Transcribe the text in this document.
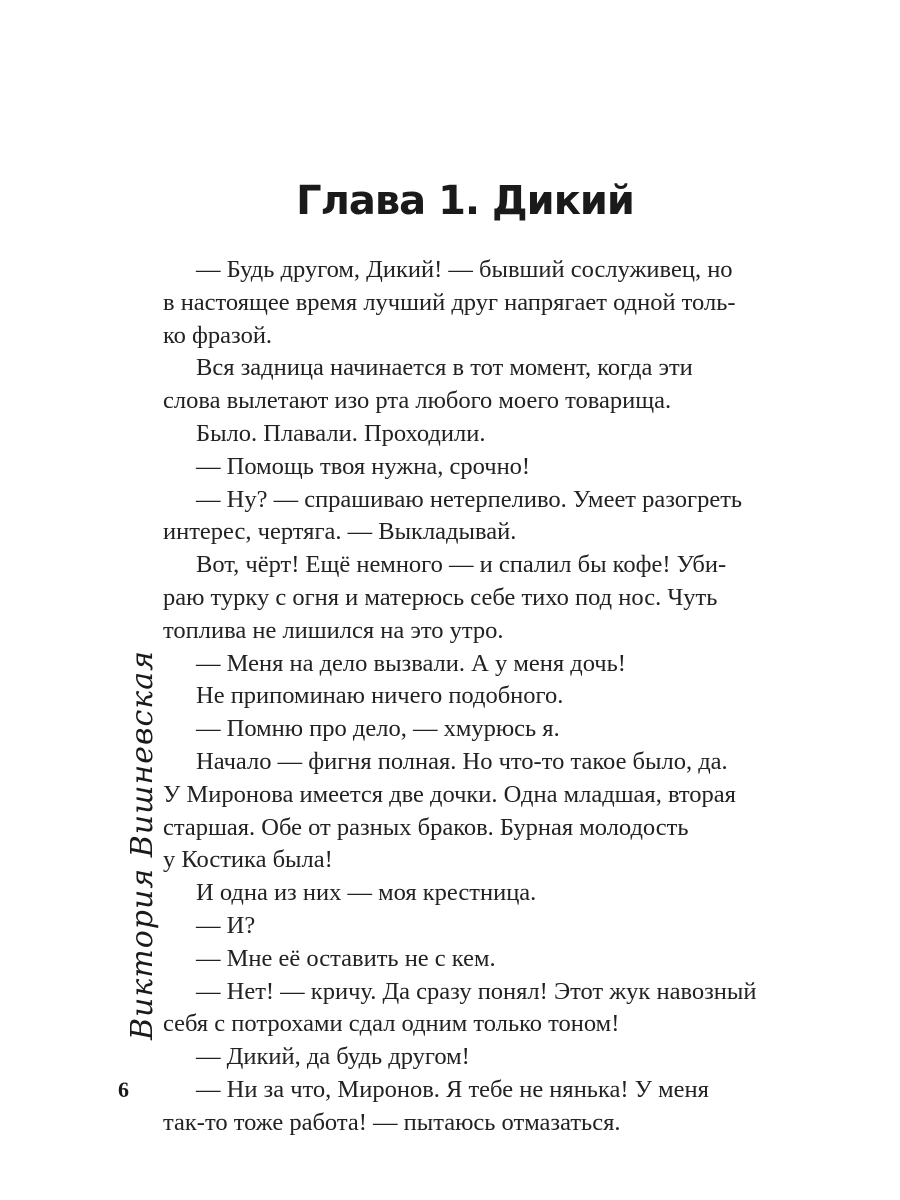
Глава 1. Дикий

— Будь другом, Дикий! — бывший сослуживец, но
в настоящее время лучший друг напрягает одной толь-
ко фразой.

Вся задница начинается в тот момент, когда эти
слова вылетают изо рта любого моего товарища.

Было. Плавали. Проходили.

— Помощь твоя нужна, срочно!

— Ну? — спрашиваю нетерпеливо. Умеет разогреть
интерес, чертяга. — Выкладывай.

Вот, чёрт! Ещё немного — и спалил бы кофе! Уби-
раю турку с огня и матерюсь себе тихо под нос. Чуть
топлива не лишился на это утро.

— Меня на дело вызвали. А у меня дочь!

Не припоминаю ничего подобного.

— Помню про дело, — хмурюсь я.

Начало — фигня полная. Но что-то такое было, да.
У Миронова имеется две дочки. Одна младшая, вторая
старшая. Обе от разных браков. Бурная молодость
у Костика была!

И одна из них — моя крестница.

— И?

— Мне её оставить не с кем.

— Нет! — кричу. Да сразу понял! Этот жук навозный
себя с потрохами сдал одним только тоном!

— Дикий, да будь другом!

— Ни за что, Миронов. Я тебе не нянька! У меня
так-то тоже работа! — пытаюсь отмазаться.

Виктория Вишневская
6
